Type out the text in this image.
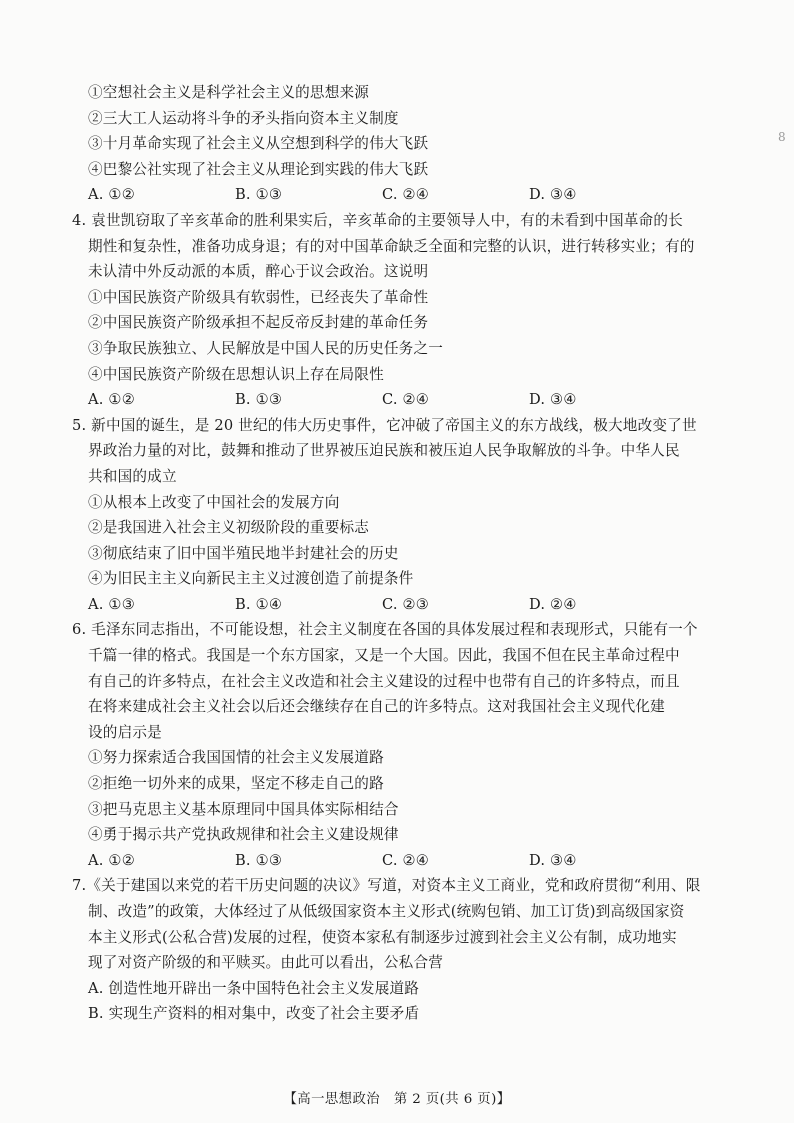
①空想社会主义是科学社会主义的思想来源
②三大工人运动将斗争的矛头指向资本主义制度
③十月革命实现了社会主义从空想到科学的伟大飞跃
④巴黎公社实现了社会主义从理论到实践的伟大飞跃
A. ①②	B. ①③	C. ②④	D. ③④
4. 袁世凯窃取了辛亥革命的胜利果实后，辛亥革命的主要领导人中，有的未看到中国革命的长
期性和复杂性，准备功成身退；有的对中国革命缺乏全面和完整的认识，进行转移实业；有的
未认清中外反动派的本质，醉心于议会政治。这说明
①中国民族资产阶级具有软弱性，已经丧失了革命性
②中国民族资产阶级承担不起反帝反封建的革命任务
③争取民族独立、人民解放是中国人民的历史任务之一
④中国民族资产阶级在思想认识上存在局限性
A. ①②	B. ①③	C. ②④	D. ③④
5. 新中国的诞生，是 20 世纪的伟大历史事件，它冲破了帝国主义的东方战线，极大地改变了世
界政治力量的对比，鼓舞和推动了世界被压迫民族和被压迫人民争取解放的斗争。中华人民
共和国的成立
①从根本上改变了中国社会的发展方向
②是我国进入社会主义初级阶段的重要标志
③彻底结束了旧中国半殖民地半封建社会的历史
④为旧民主主义向新民主主义过渡创造了前提条件
A. ①③	B. ①④	C. ②③	D. ②④
6. 毛泽东同志指出，不可能设想，社会主义制度在各国的具体发展过程和表现形式，只能有一个
千篇一律的格式。我国是一个东方国家，又是一个大国。因此，我国不但在民主革命过程中
有自己的许多特点，在社会主义改造和社会主义建设的过程中也带有自己的许多特点，而且
在将来建成社会主义社会以后还会继续存在自己的许多特点。这对我国社会主义现代化建
设的启示是
①努力探索适合我国国情的社会主义发展道路
②拒绝一切外来的成果，坚定不移走自己的路
③把马克思主义基本原理同中国具体实际相结合
④勇于揭示共产党执政规律和社会主义建设规律
A. ①②	B. ①③	C. ②④	D. ③④
7.《关于建国以来党的若干历史问题的决议》写道，对资本主义工商业，党和政府贯彻“利用、限
制、改造”的政策，大体经过了从低级国家资本主义形式(统购包销、加工订货)到高级国家资
本主义形式(公私合营)发展的过程，使资本家私有制逐步过渡到社会主义公有制，成功地实
现了对资产阶级的和平赎买。由此可以看出，公私合营
A. 创造性地开辟出一条中国特色社会主义发展道路
B. 实现生产资料的相对集中，改变了社会主要矛盾
8
【高一思想政治　第 2 页(共 6 页)】
